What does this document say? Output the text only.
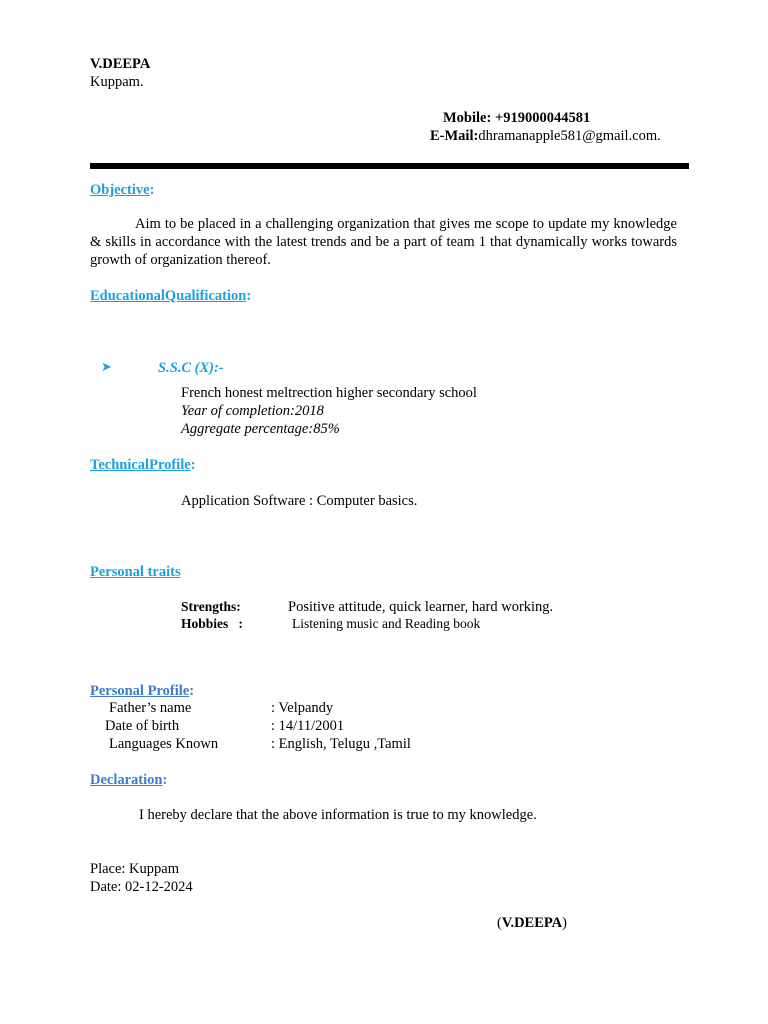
V.DEEPA
Kuppam.
Mobile: +919000044581
E-Mail:dhramanapple581@gmail.com.
Objective:
Aim to be placed in a challenging organization that gives me scope to update my knowledge & skills in accordance with the latest trends and be a part of team 1 that dynamically works towards growth of organization thereof.
EducationalQualification:
➤	S.S.C (X):-
French honest meltrection higher secondary school
Year of completion:2018
Aggregate percentage:85%
TechnicalProfile:
Application Software : Computer basics.
Personal traits
Strengths:	Positive attitude, quick learner, hard working.
Hobbies   :	Listening music and Reading book
Personal Profile:
Father’s name	: Velpandy
Date of birth	: 14/11/2001
Languages Known	: English, Telugu ,Tamil
Declaration:
I hereby declare that the above information is true to my knowledge.
Place: Kuppam
Date: 02-12-2024
(V.DEEPA)
